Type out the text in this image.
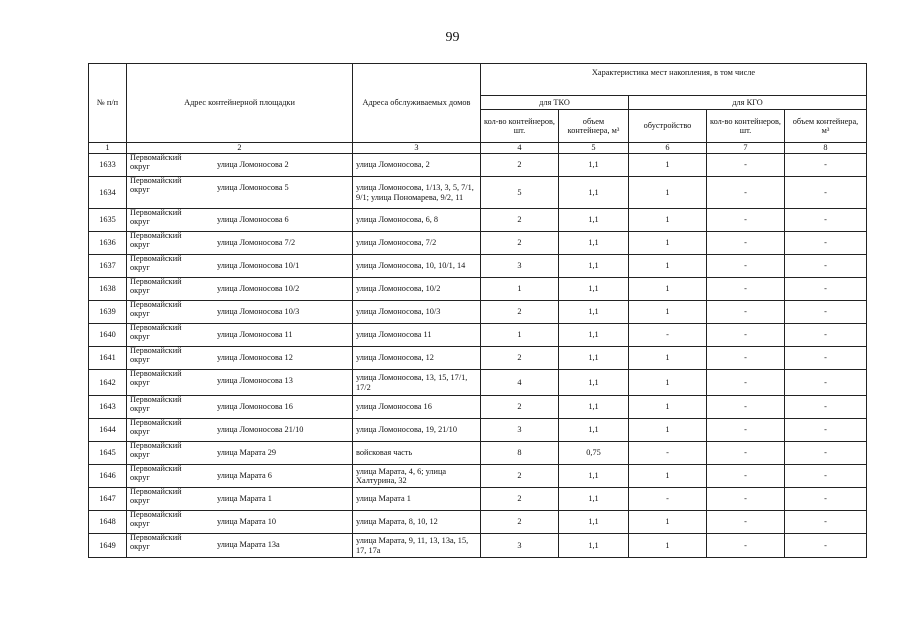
99
№ п/п	Адрес контейнерной площадки	Адреса обслуживаемых домов	Характеристика мест накопления, в том числе				
			для ТКО		для КГО		
			кол-во контейнеров, шт.	объем контейнера, м³	обустройство	кол-во контейнеров, шт.	объем контейнера, м³
1	2	3	4	5	6	7	8
1633	Первомайский округ улица Ломоносова 2	улица Ломоносова, 2	2	1,1	1	-	-
1634	Первомайский округ улица Ломоносова 5	улица Ломоносова, 1/13, 3, 5, 7/1, 9/1; улица Пономарева, 9/2, 11	5	1,1	1	-	-
1635	Первомайский округ улица Ломоносова 6	улица Ломоносова, 6, 8	2	1,1	1	-	-
1636	Первомайский округ улица Ломоносова 7/2	улица Ломоносова, 7/2	2	1,1	1	-	-
1637	Первомайский округ улица Ломоносова 10/1	улица Ломоносова, 10, 10/1, 14	3	1,1	1	-	-
1638	Первомайский округ улица Ломоносова 10/2	улица Ломоносова, 10/2	1	1,1	1	-	-
1639	Первомайский округ улица Ломоносова 10/3	улица Ломоносова, 10/3	2	1,1	1	-	-
1640	Первомайский округ улица Ломоносова 11	улица Ломоносова 11	1	1,1	-	-	-
1641	Первомайский округ улица Ломоносова 12	улица Ломоносова, 12	2	1,1	1	-	-
1642	Первомайский округ улица Ломоносова 13	улица Ломоносова, 13, 15, 17/1, 17/2	4	1,1	1	-	-
1643	Первомайский округ улица Ломоносова 16	улица Ломоносова 16	2	1,1	1	-	-
1644	Первомайский округ улица Ломоносова 21/10	улица Ломоносова, 19, 21/10	3	1,1	1	-	-
1645	Первомайский округ улица Марата 29	войсковая часть	8	0,75	-	-	-
1646	Первомайский округ улица Марата 6	улица Марата, 4, 6; улица Халтурина, 32	2	1,1	1	-	-
1647	Первомайский округ улица Марата 1	улица Марата 1	2	1,1	-	-	-
1648	Первомайский округ улица Марата 10	улица Марата, 8, 10, 12	2	1,1	1	-	-
1649	Первомайский округ улица Марата 13а	улица Марата, 9, 11, 13, 13а, 15, 17, 17а	3	1,1	1	-	-
